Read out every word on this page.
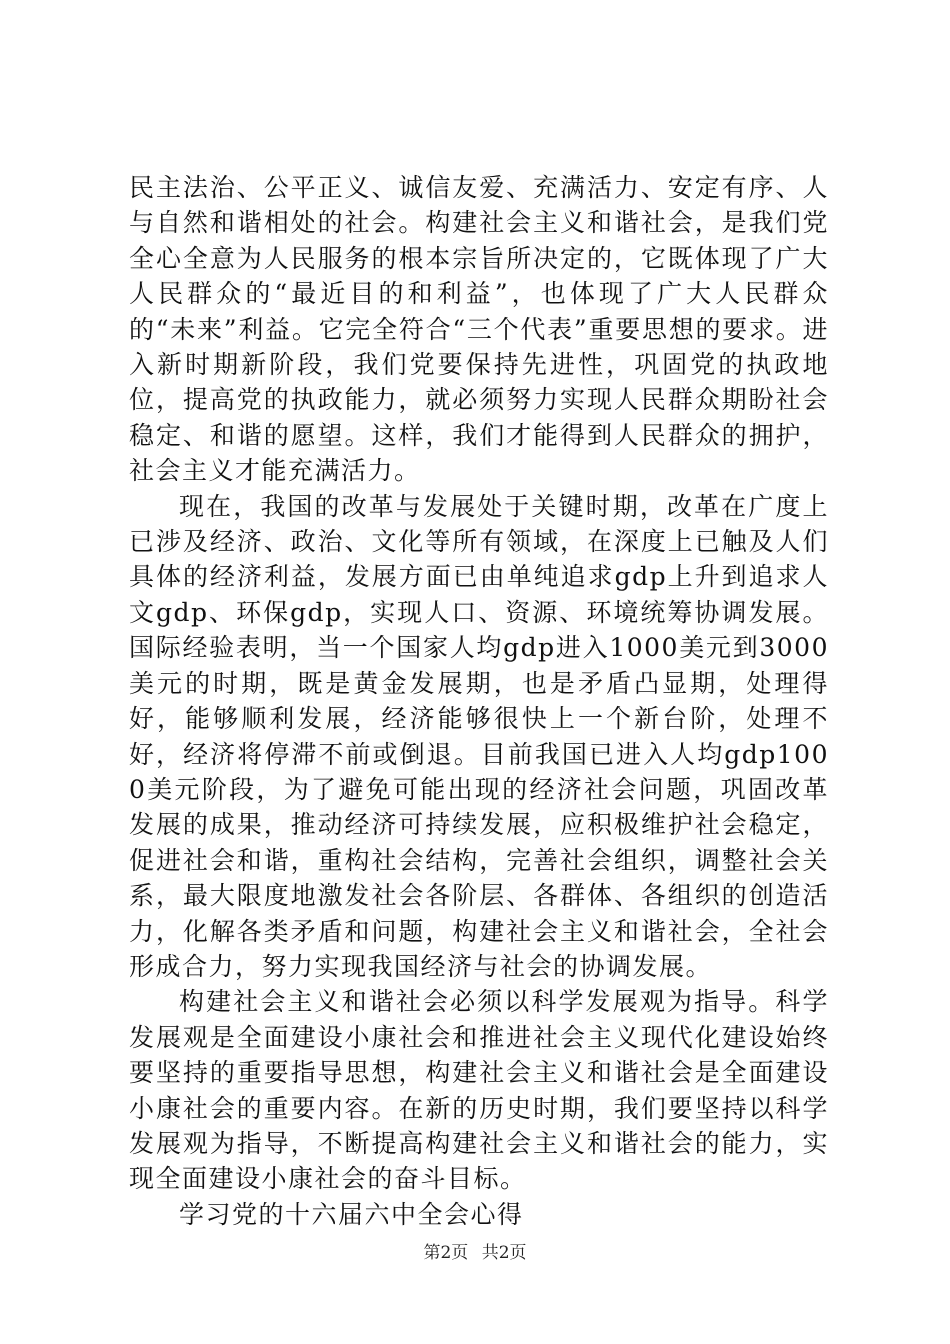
民主法治、公平正义、诚信友爱、充满活力、安定有序、人与自然和谐相处的社会。构建社会主义和谐社会，是我们党全心全意为人民服务的根本宗旨所决定的，它既体现了广大人民群众的“最近目的和利益”，也体现了广大人民群众的“未来”利益。它完全符合“三个代表”重要思想的要求。进入新时期新阶段，我们党要保持先进性，巩固党的执政地位，提高党的执政能力，就必须努力实现人民群众期盼社会稳定、和谐的愿望。这样，我们才能得到人民群众的拥护，社会主义才能充满活力。

现在，我国的改革与发展处于关键时期，改革在广度上已涉及经济、政治、文化等所有领域，在深度上已触及人们具体的经济利益，发展方面已由单纯追求gdp上升到追求人文gdp、环保gdp，实现人口、资源、环境统筹协调发展。国际经验表明，当一个国家人均gdp进入1000美元到3000美元的时期，既是黄金发展期，也是矛盾凸显期，处理得好，能够顺利发展，经济能够很快上一个新台阶，处理不好，经济将停滞不前或倒退。目前我国已进入人均gdp1000美元阶段，为了避免可能出现的经济社会问题，巩固改革发展的成果，推动经济可持续发展，应积极维护社会稳定，促进社会和谐，重构社会结构，完善社会组织，调整社会关系，最大限度地激发社会各阶层、各群体、各组织的创造活力，化解各类矛盾和问题，构建社会主义和谐社会，全社会形成合力，努力实现我国经济与社会的协调发展。

构建社会主义和谐社会必须以科学发展观为指导。科学发展观是全面建设小康社会和推进社会主义现代化建设始终要坚持的重要指导思想，构建社会主义和谐社会是全面建设小康社会的重要内容。在新的历史时期，我们要坚持以科学发展观为指导，不断提高构建社会主义和谐社会的能力，实现全面建设小康社会的奋斗目标。

学习党的十六届六中全会心得

第2页 共2页
